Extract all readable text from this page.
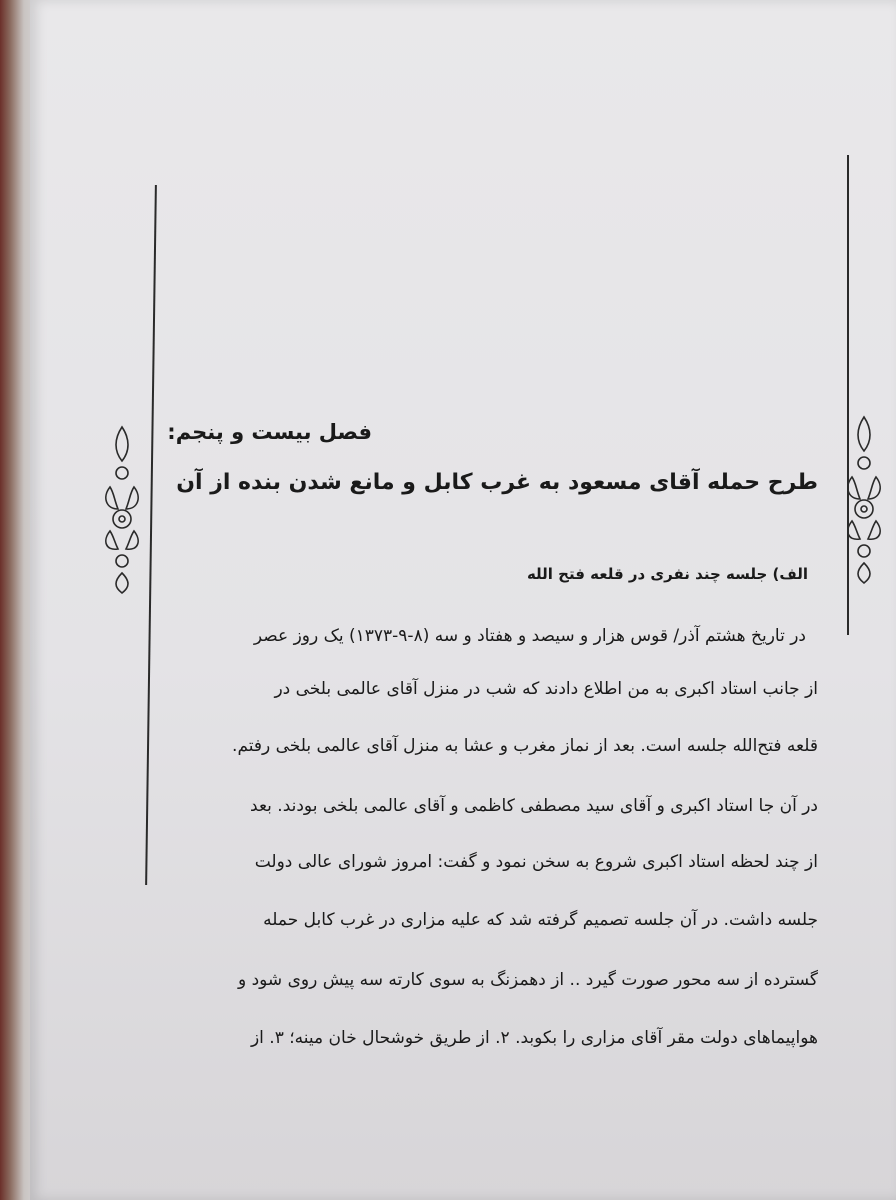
فصل بیست و پنجم:
طرح حمله آقای مسعود به غرب کابل و مانع شدن بنده از آن
الف) جلسه چند نفری در قلعه فتح الله
در تاریخ هشتم آذر/ قوس هزار و سیصد و هفتاد و سه (۸-۹-۱۳۷۳) یک روز عصر
از جانب استاد اکبری به من اطلاع دادند که شب در منزل آقای عالمی بلخی در
قلعه فتح‌الله جلسه است. بعد از نماز مغرب و عشا به منزل آقای عالمی بلخی رفتم.
در آن جا استاد اکبری و آقای سید مصطفی کاظمی و آقای عالمی بلخی بودند. بعد
از چند لحظه استاد اکبری شروع به سخن نمود و گفت: امروز شورای عالی دولت
جلسه داشت. در آن جلسه تصمیم گرفته شد که علیه مزاری در غرب کابل حمله
گسترده از سه محور صورت گیرد .. از دهمزنگ به سوی کارته سه پیش روی شود و
هواپیماهای دولت مقر آقای مزاری را بکوبد. ۲. از طریق خوشحال خان مینه؛ ۳. از
